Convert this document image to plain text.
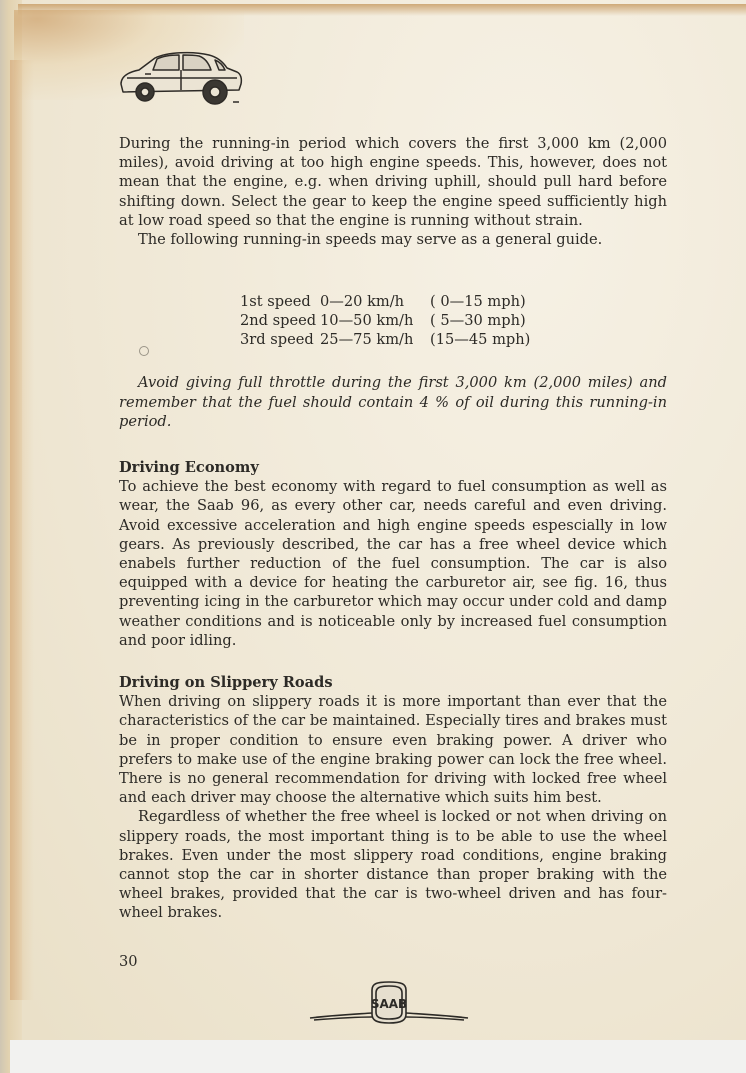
During the running-in period which covers the first 3,000 km (2,000 miles), avoid driving at too high engine speeds. This, however, does not mean that the engine, e.g. when driving uphill, should pull hard before shifting down. Select the gear to keep the engine speed sufficiently high at low road speed so that the engine is running without strain.

The following running-in speeds may serve as a general guide.

1st speed 0—20 km/h	( 0—15 mph)
2nd speed 10—50 km/h	( 5—30 mph)
3rd speed 25—75 km/h	(15—45 mph)

Avoid giving full throttle during the first 3,000 km (2,000 miles) and remember that the fuel should contain 4 % of oil during this running-in period.

Driving Economy

To achieve the best economy with regard to fuel consumption as well as wear, the Saab 96, as every other car, needs careful and even driving. Avoid excessive acceleration and high engine speeds espescially in low gears. As previously described, the car has a free wheel device which enabels further reduction of the fuel consumption. The car is also equipped with a device for heating the carburetor air, see fig. 16, thus preventing icing in the carburetor which may occur under cold and damp weather conditions and is noticeable only by increased fuel consumption and poor idling.

Driving on Slippery Roads

When driving on slippery roads it is more important than ever that the characteristics of the car be maintained. Especially tires and brakes must be in proper condition to ensure even braking power. A driver who prefers to make use of the engine braking power can lock the free wheel. There is no general recommendation for driving with locked free wheel and each driver may choose the alternative which suits him best.

Regardless of whether the free wheel is locked or not when driving on slippery roads, the most important thing is to be able to use the wheel brakes. Even under the most slippery road conditions, engine braking cannot stop the car in shorter distance than proper braking with the wheel brakes, provided that the car is two-wheel driven and has four-wheel brakes.

30
SAAB
